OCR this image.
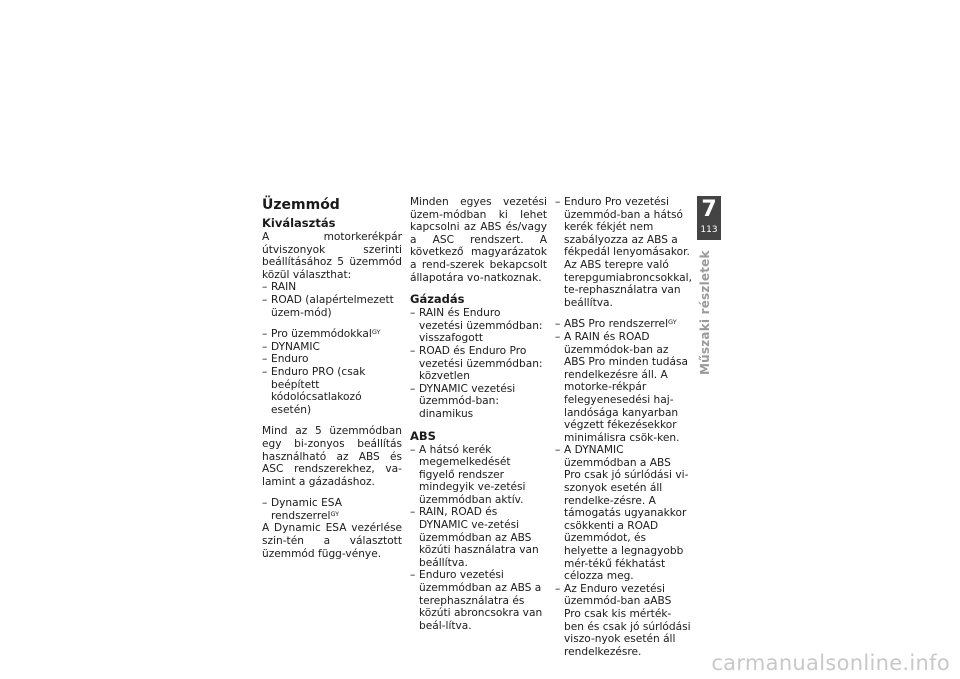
Üzemmód
Kiválasztás

A motorkerékpár útviszonyok szerinti beállításához 5 üzemmód közül választhat:

– RAIN
– ROAD (alapértelmezett üzem-mód)
– Pro üzemmódokkal$^{GY}$
– DYNAMIC
– Enduro
– Enduro PRO (csak beépített kódolócsatlakozó esetén)

Mind az 5 üzemmódban egy bi-zonyos beállítás használható az ABS és ASC rendszerekhez, va-lamint a gázadáshoz.

– Dynamic ESA rendszerrel$^{GY}$

A Dynamic ESA vezérlése szin-tén a választott üzemmód függ-vénye.

Minden egyes vezetési üzem-módban ki lehet kapcsolni az ABS és/vagy a ASC rendszert. A következő magyarázatok a rend-szerek bekapcsolt állapotára vo-natkoznak.

Gázadás
– RAIN és Enduro vezetési üzemmódban: visszafogott
– ROAD és Enduro Pro vezetési üzemmódban: közvetlen
– DYNAMIC vezetési üzemmód-ban: dinamikus
ABS
– A hátsó kerék megemelkedését figyelő rendszer mindegyik ve-zetési üzemmódban aktív.
– RAIN, ROAD és DYNAMIC ve-zetési üzemmódban az ABS közúti használatra van beállítva.
– Enduro vezetési üzemmódban az ABS a terephasználatra és közúti abroncsokra van beál-lítva.
– Enduro Pro vezetési üzemmód-ban a hátsó kerék fékjét nem szabályozza az ABS a fékpedál lenyomásakor. Az ABS terepre való terepgumiabroncsokkal, te-rephasználatra van beállítva.
– ABS Pro rendszerrel$^{GY}$
– A RAIN és ROAD üzemmódok-ban az ABS Pro minden tudása rendelkezésre áll. A motorke-rékpár felegyenesedési haj-landósága kanyarban végzett fékezésekkor minimálisra csök-ken.
– A DYNAMIC üzemmódban a ABS Pro csak jó súrlódási vi-szonyok esetén áll rendelke-zésre. A támogatás ugyanakkor csökkenti a ROAD üzemmódot, és helyette a legnagyobb mér-tékű fékhatást célozza meg.
– Az Enduro vezetési üzemmód-ban aABS Pro csak kis mérték-ben és csak jó súrlódási viszo-nyok esetén áll rendelkezésre.
7
113
Műszaki részletek
carmanualsonline.info
